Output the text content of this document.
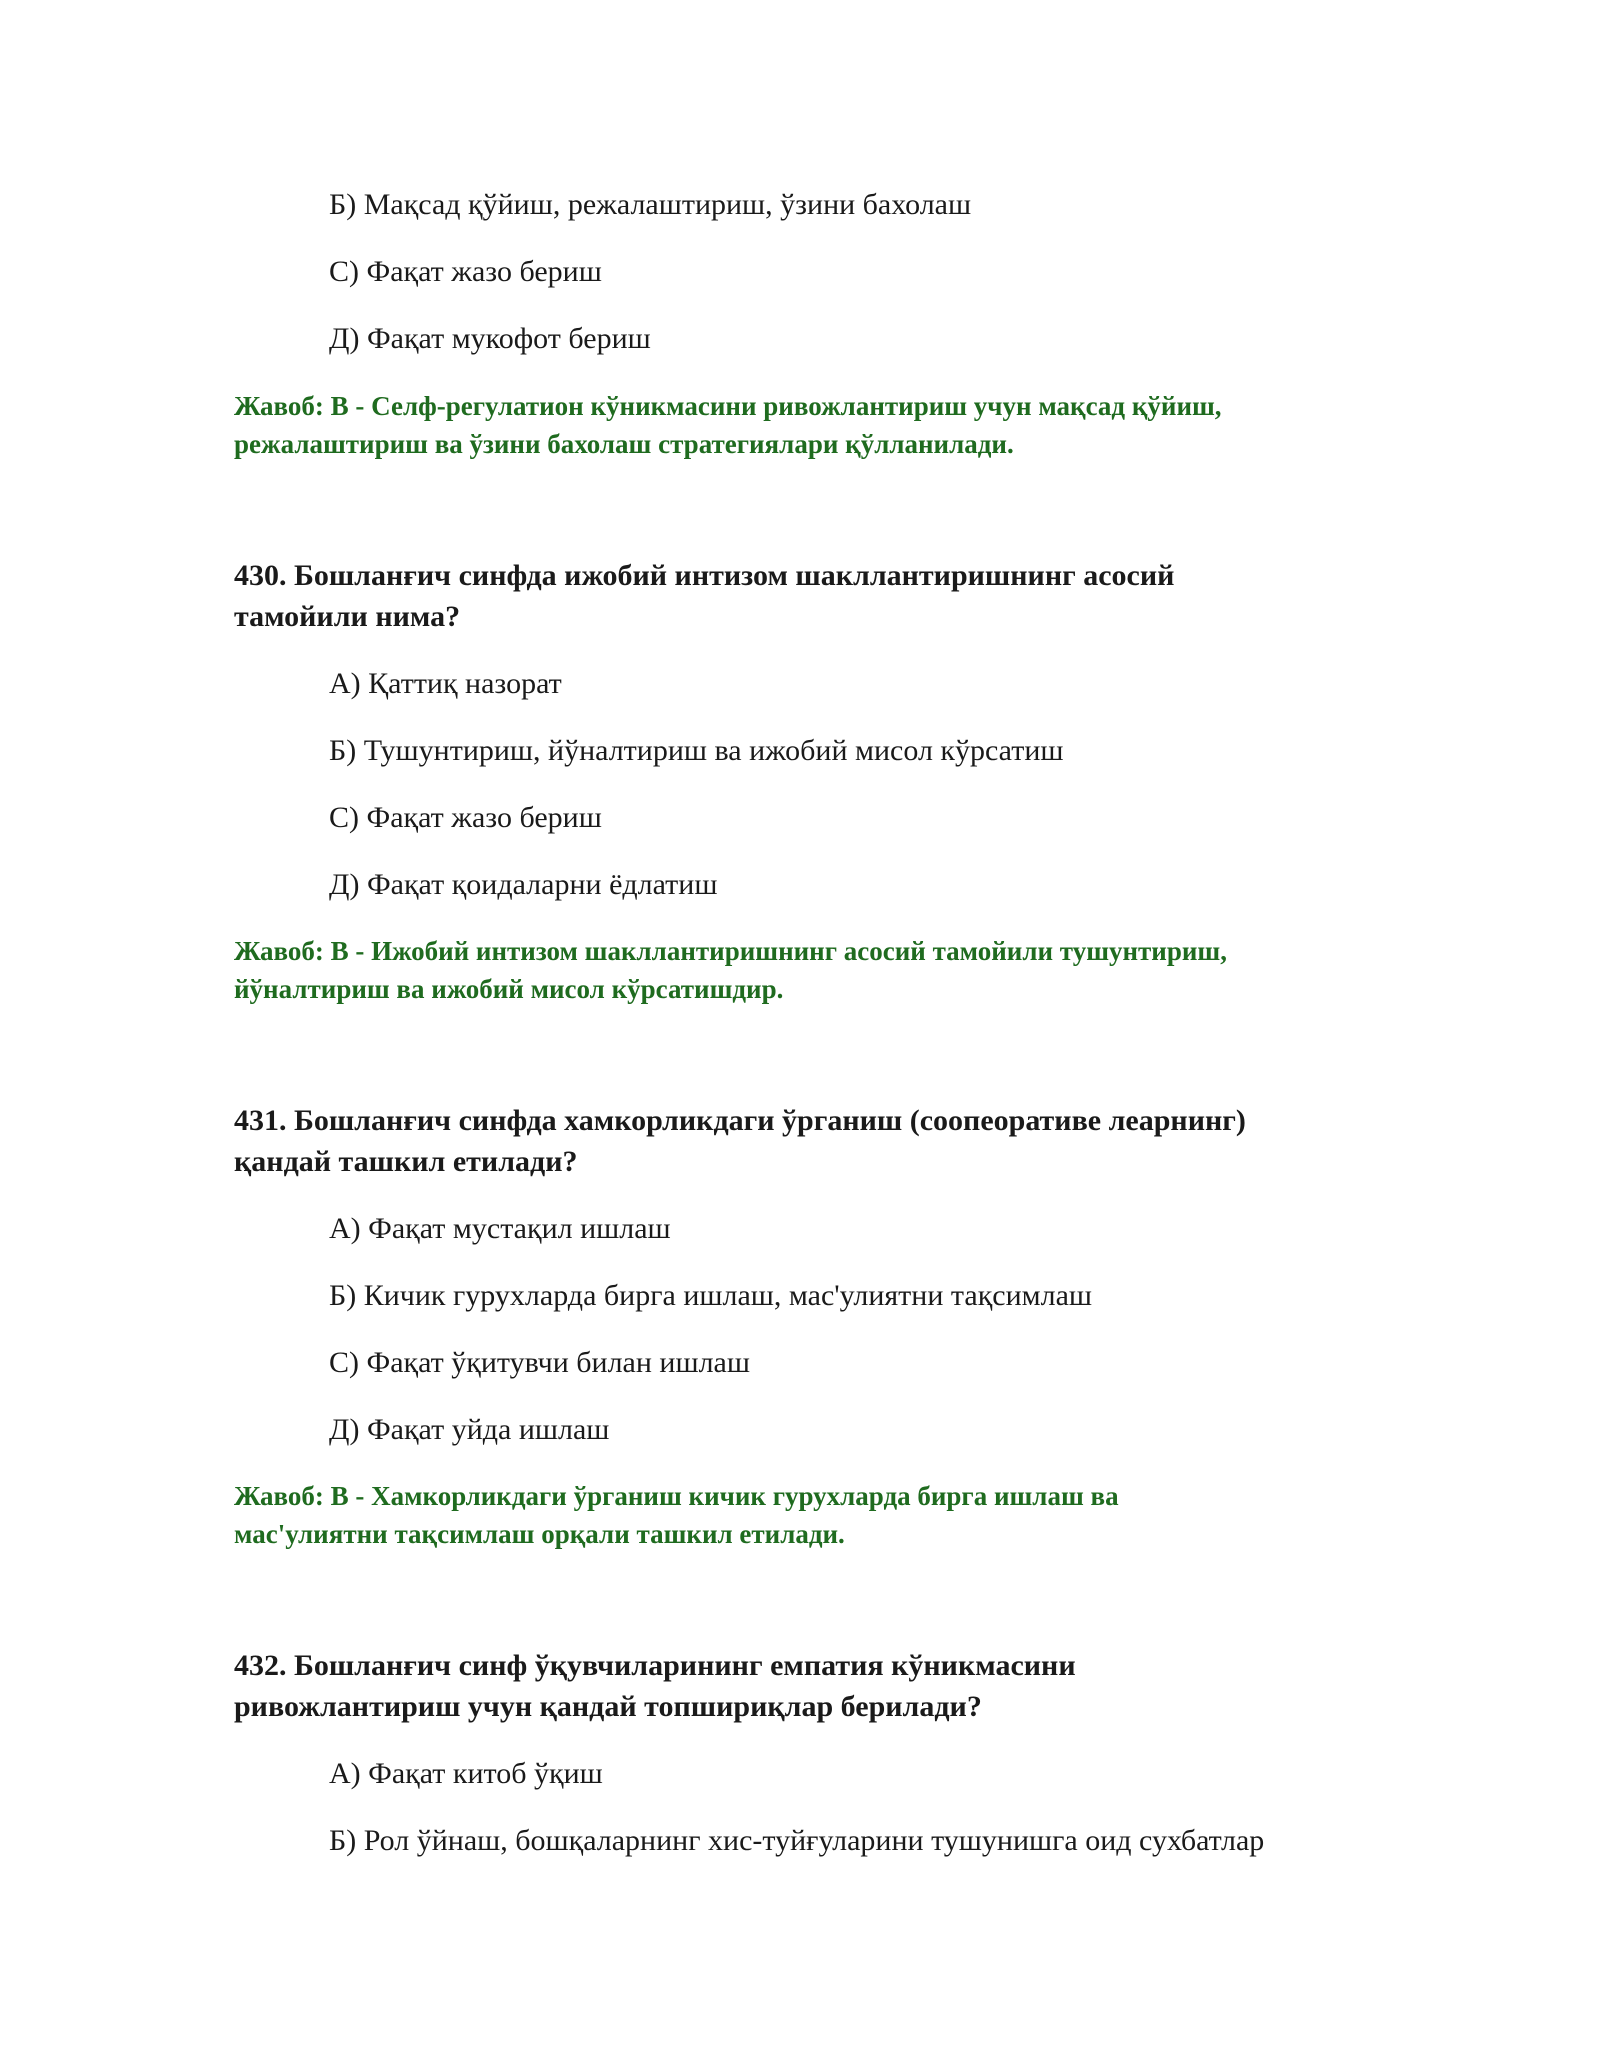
Б) Мақсад қўйиш, режалаштириш, ўзини бахолаш
С) Фақат жазо бериш
Д) Фақат мукофот бериш
Жавоб: B - Селф-регулатион кўникмасини ривожлантириш учун мақсад қўйиш,
режалаштириш ва ўзини бахолаш стратегиялари қўлланилади.
430. Бошланғич синфда ижобий интизом шакллантиришнинг асосий
тамойили нима?
А) Қаттиқ назорат
Б) Тушунтириш, йўналтириш ва ижобий мисол кўрсатиш
С) Фақат жазо бериш
Д) Фақат қоидаларни ёдлатиш
Жавоб: B - Ижобий интизом шакллантиришнинг асосий тамойили тушунтириш,
йўналтириш ва ижобий мисол кўрсатишдир.
431. Бошланғич синфда хамкорликдаги ўрганиш (соопеоративе леарнинг)
қандай ташкил етилади?
А) Фақат мустақил ишлаш
Б) Кичик гурухларда бирга ишлаш, мас'улиятни тақсимлаш
С) Фақат ўқитувчи билан ишлаш
Д) Фақат уйда ишлаш
Жавоб: B - Хамкорликдаги ўрганиш кичик гурухларда бирга ишлаш ва
мас'улиятни тақсимлаш орқали ташкил етилади.
432. Бошланғич синф ўқувчиларининг емпатия кўникмасини
ривожлантириш учун қандай топшириқлар берилади?
А) Фақат китоб ўқиш
Б) Рол ўйнаш, бошқаларнинг хис-туйғуларини тушунишга оид сухбатлар
